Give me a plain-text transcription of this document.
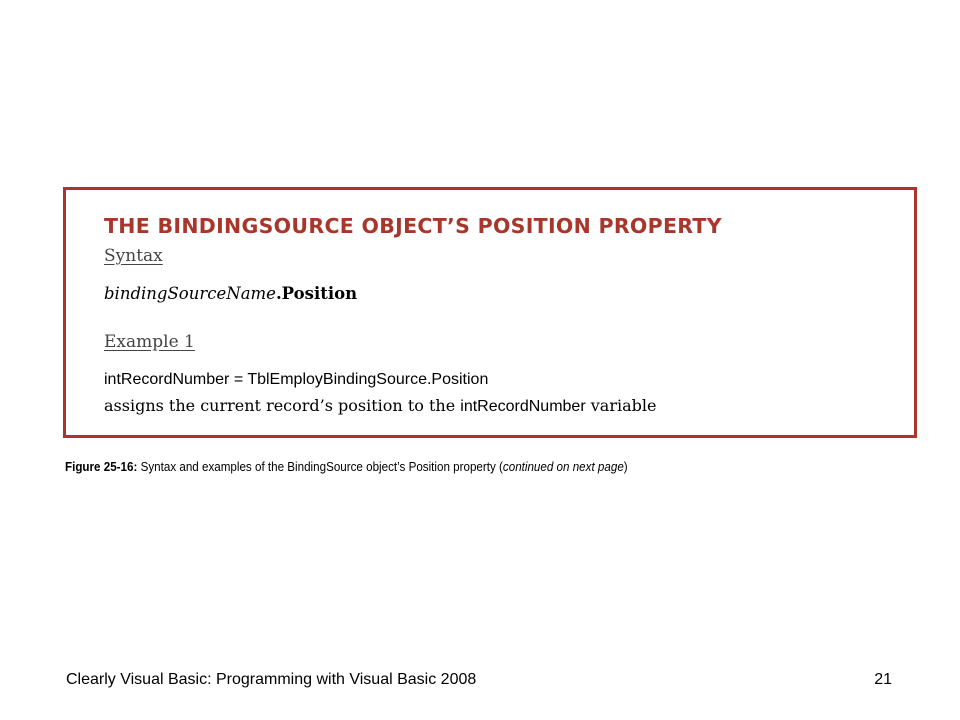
THE BINDINGSOURCE OBJECT’S POSITION PROPERTY
Syntax
bindingSourceName.Position
Example 1
intRecordNumber = TblEmployBindingSource.Position
assigns the current record’s position to the intRecordNumber variable
Figure 25-16: Syntax and examples of the BindingSource object’s Position property (continued on next page)
Clearly Visual Basic: Programming with Visual Basic 2008	21
